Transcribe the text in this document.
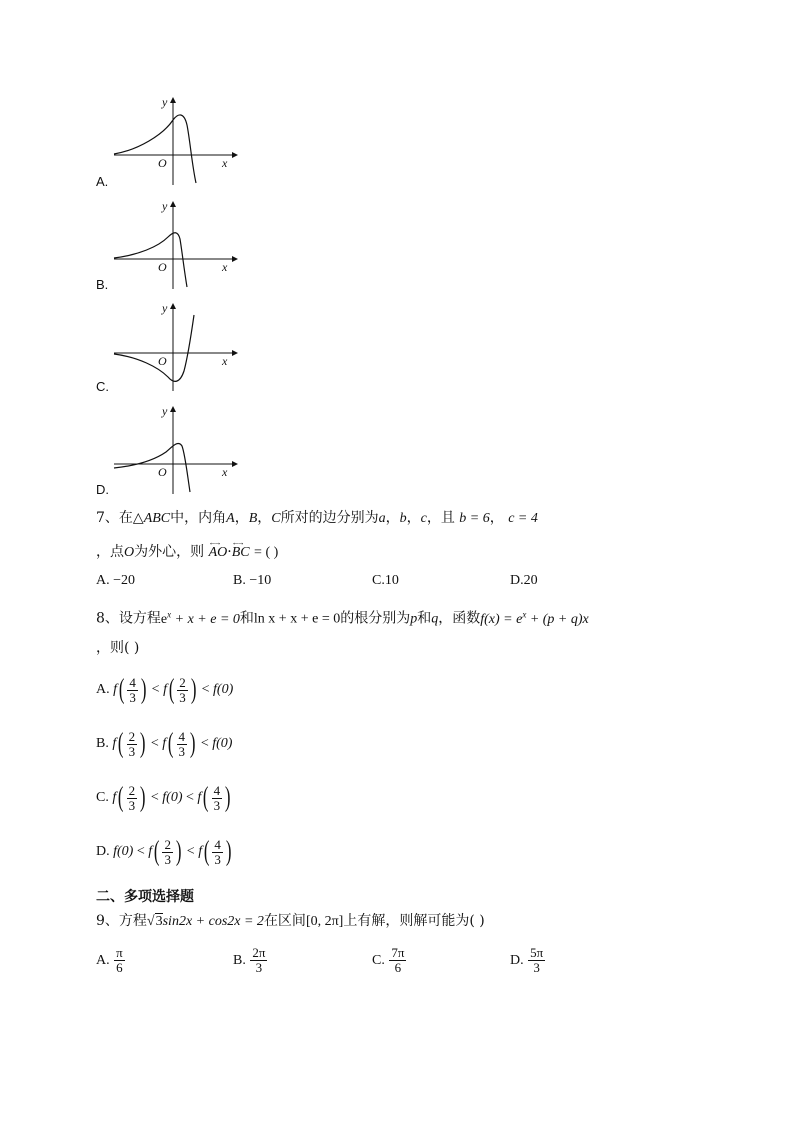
y
x
O
A.
y
x
O
B.
y
x
O
C.
y
x
O
D.
7、在△ABC中，内角A，B，C所对的边分别为a，b，c，且 b = 6， c = 4
，点O为外心，则 ←→ AO·←→ BC = ( )
A. −20	B. −10	C.10	D.20
8、设方程$e^x + x + e = 0$和ln x + x + e = 0的根分别为p和q，函数$f(x) = e^x + (p + q)x$
，则( )
A.
f ( $\frac{4}{3}$ )
<
f ( $\frac{2}{3}$ )
<
f(0)
B.
f ( $\frac{2}{3}$ )
<
f ( $\frac{4}{3}$ )
<
f(0)
C.
f ( $\frac{2}{3}$ )
<
f(0)
<
f ( $\frac{4}{3}$ )
D.
f(0)
<
f ( $\frac{2}{3}$ )
<
f ( $\frac{4}{3}$ )
二、多项选择题
9、方程√3sin2x + cos2x = 2在区间[0, 2π]上有解，则解可能为( )
A.
$\frac{\pi}{6}$	B.
$\frac{2\pi}{3}$	C.
$\frac{7\pi}{6}$	D.
$\frac{5\pi}{3}$
